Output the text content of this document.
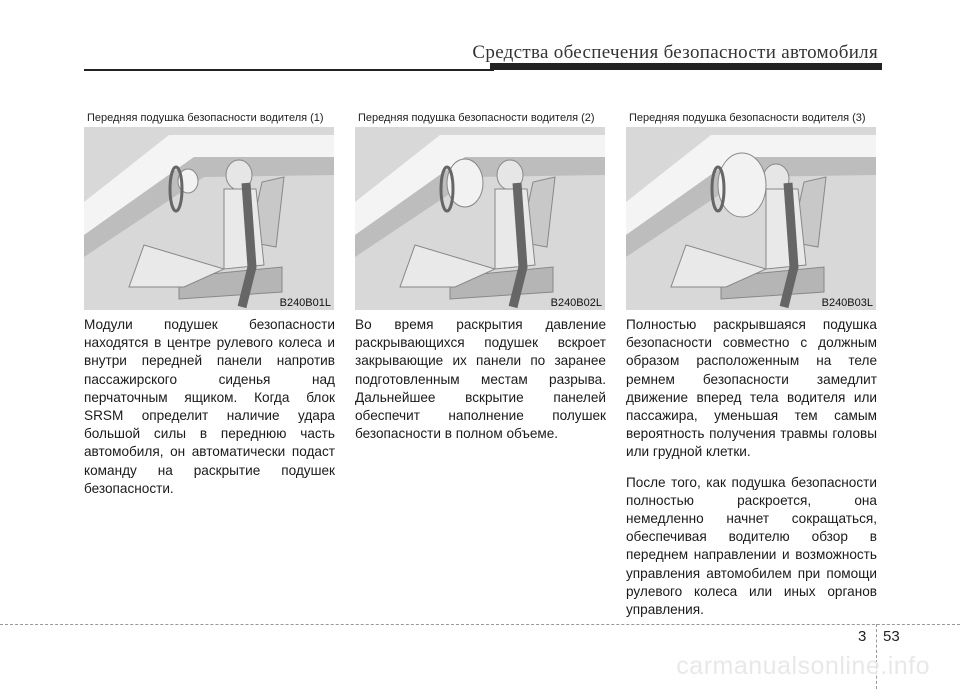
Средства обеспечения безопасности автомобиля
Передняя подушка безопасности водителя (1)
B240B01L
Передняя подушка безопасности водителя (2)
B240B02L
Передняя подушка безопасности водителя (3)
B240B03L

Модули подушек безопасности находятся в центре рулевого колеса и внутри передней панели напротив пассажирского сиденья над перчаточным ящиком. Когда блок SRSM определит наличие удара большой силы в переднюю часть автомобиля, он автоматически подаст команду на раскрытие подушек безопасности.

Во время раскрытия давление раскрывающихся подушек вскроет закрывающие их панели по заранее подготовленным местам разрыва. Дальнейшее вскрытие панелей обеспечит наполнение полушек безопасности в полном объеме.

Полностью раскрывшаяся подушка безопасности совместно с должным образом расположенным на теле ремнем безопасности замедлит движение вперед тела водителя или пассажира, уменьшая тем самым вероятность получения травмы головы или грудной клетки.

После того, как подушка безопасности полностью раскроется, она немедленно начнет сокращаться, обеспечивая водителю обзор в переднем направлении и возможность управления автомобилем при помощи рулевого колеса или иных органов управления.

3 53
carmanualsonline.info
